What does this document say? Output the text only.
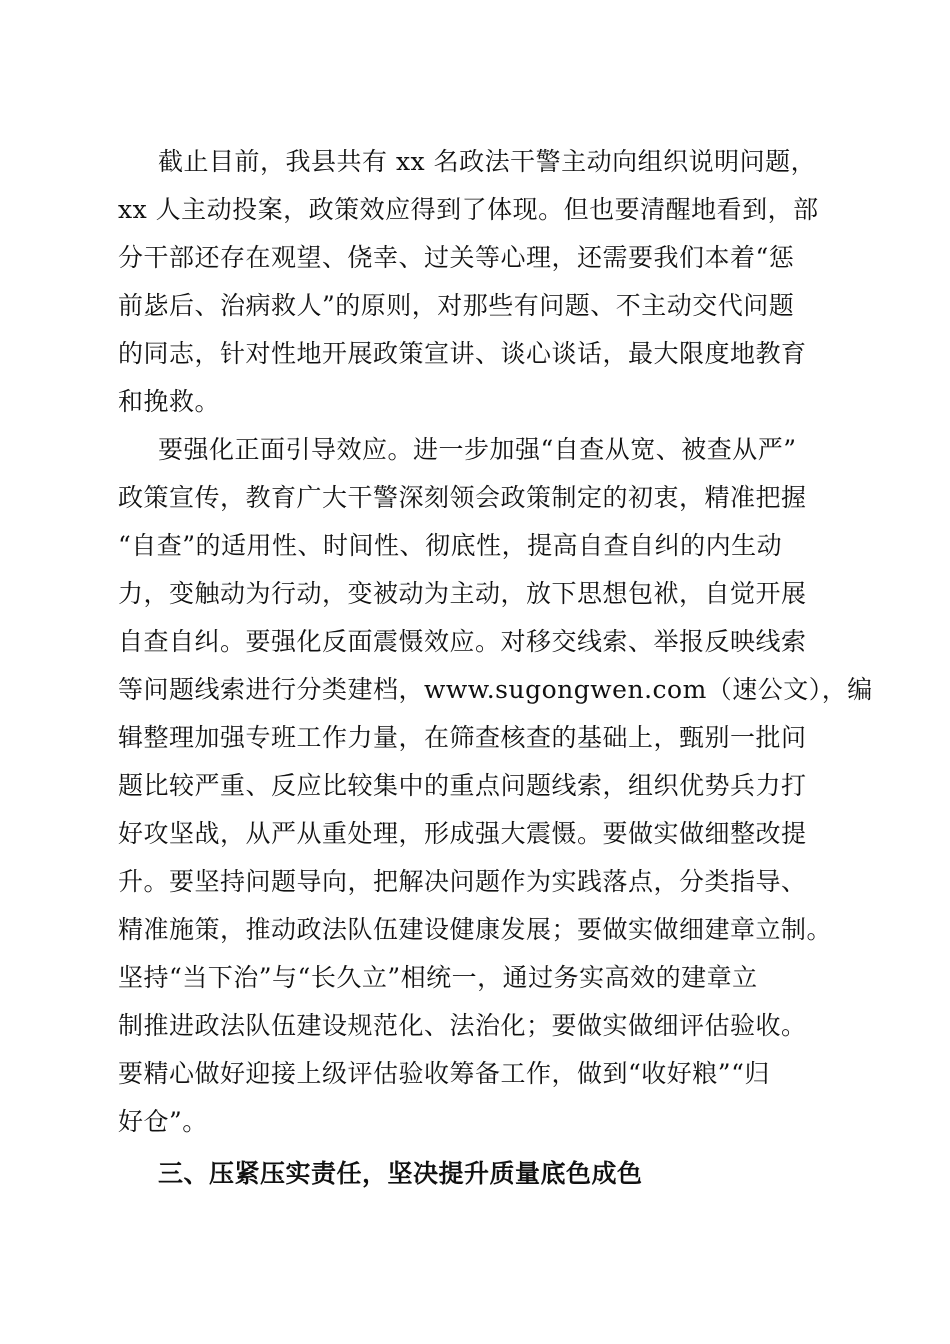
截止目前，我县共有 xx 名政法干警主动向组织说明问题，
xx 人主动投案，政策效应得到了体现。但也要清醒地看到，部
分干部还存在观望、侥幸、过关等心理，还需要我们本着“惩
前毖后、治病救人”的原则，对那些有问题、不主动交代问题
的同志，针对性地开展政策宣讲、谈心谈话，最大限度地教育
和挽救。
要强化正面引导效应。进一步加强“自查从宽、被查从严”
政策宣传，教育广大干警深刻领会政策制定的初衷，精准把握
“自查”的适用性、时间性、彻底性，提高自查自纠的内生动
力，变触动为行动，变被动为主动，放下思想包袱，自觉开展
自查自纠。要强化反面震慑效应。对移交线索、举报反映线索
等问题线索进行分类建档，www.sugongwen.com（速公文），编
辑整理加强专班工作力量，在筛查核查的基础上，甄别一批问
题比较严重、反应比较集中的重点问题线索，组织优势兵力打
好攻坚战，从严从重处理，形成强大震慑。要做实做细整改提
升。要坚持问题导向，把解决问题作为实践落点，分类指导、
精准施策，推动政法队伍建设健康发展；要做实做细建章立制。
坚持“当下治”与“长久立”相统一，通过务实高效的建章立
制推进政法队伍建设规范化、法治化；要做实做细评估验收。
要精心做好迎接上级评估验收筹备工作，做到“收好粮”“归
好仓”。
三、压紧压实责任，坚决提升质量底色成色
